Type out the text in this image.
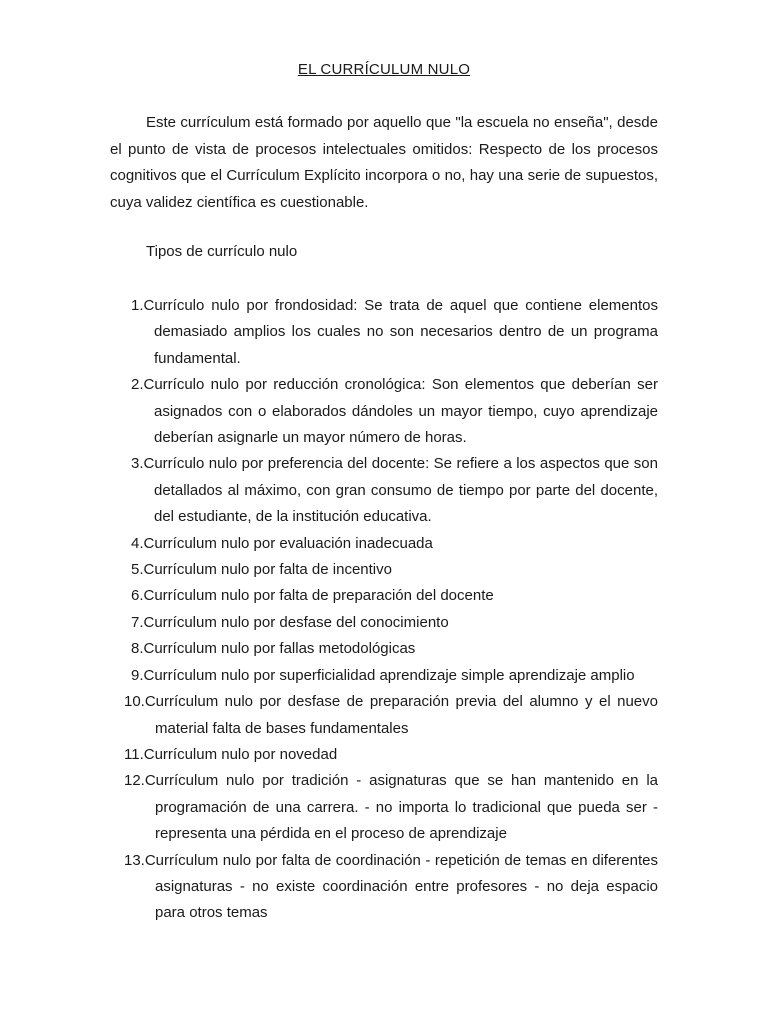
EL CURRÍCULUM NULO

Este currículum está formado por aquello que "la escuela no enseña", desde el punto de vista de procesos intelectuales omitidos: Respecto de los procesos cognitivos que el Currículum Explícito incorpora o no, hay una serie de supuestos, cuya validez científica es cuestionable.

Tipos de currículo nulo
1.Currículo nulo por frondosidad: Se trata de aquel que contiene elementos demasiado amplios los cuales no son necesarios dentro de un programa fundamental.
2.Currículo nulo por reducción cronológica: Son elementos que deberían ser asignados con o elaborados dándoles un mayor tiempo, cuyo aprendizaje deberían asignarle un mayor número de horas.
3.Currículo nulo por preferencia del docente: Se refiere a los aspectos que son detallados al máximo, con gran consumo de tiempo por parte del docente, del estudiante, de la institución educativa.
4.Currículum nulo por evaluación inadecuada
5.Currículum nulo por falta de incentivo
6.Currículum nulo por falta de preparación del docente
7.Currículum nulo por desfase del conocimiento
8.Currículum nulo por fallas metodológicas
9.Currículum nulo por superficialidad aprendizaje simple aprendizaje amplio
10.Currículum nulo por desfase de preparación previa del alumno y el nuevo material falta de bases fundamentales
11.Currículum nulo por novedad
12.Currículum nulo por tradición - asignaturas que se han mantenido en la programación de una carrera. - no importa lo tradicional que pueda ser - representa una pérdida en el proceso de aprendizaje
13.Currículum nulo por falta de coordinación - repetición de temas en diferentes asignaturas - no existe coordinación entre profesores - no deja espacio para otros temas
